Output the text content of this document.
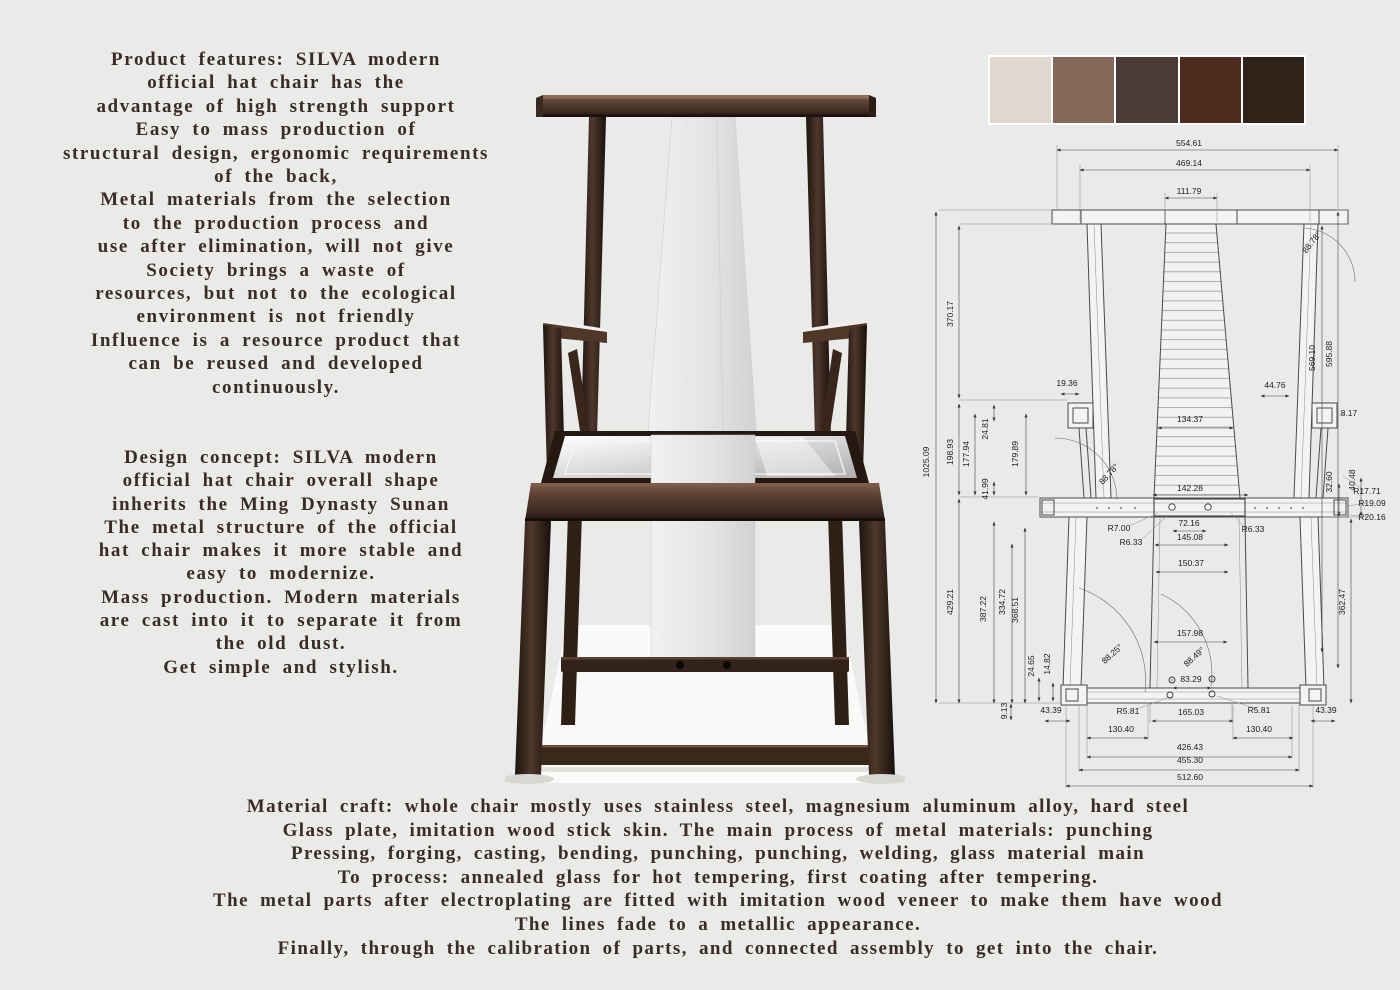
Product features: SILVA modern
official hat chair has the
advantage of high strength support
Easy to mass production of
structural design, ergonomic requirements
of the back,
Metal materials from the selection
to the production process and
use after elimination, will not give
Society brings a waste of
resources, but not to the ecological
environment is not friendly
Influence is a resource product that
can be reused and developed
continuously.
Design concept: SILVA modern
official hat chair overall shape
inherits the Ming Dynasty Sunan
The metal structure of the official
hat chair makes it more stable and
easy to modernize.
Mass production. Modern materials
are cast into it to separate it from
the old dust.
Get simple and stylish.
Material craft: whole chair mostly uses stainless steel, magnesium aluminum alloy, hard steel
Glass plate, imitation wood stick skin. The main process of metal materials: punching
Pressing, forging, casting, bending, punching, punching, welding, glass material main
To process: annealed glass for hot tempering, first coating after tempering.
The metal parts after electroplating are fitted with imitation wood veneer to make them have wood
The lines fade to a metallic appearance.
Finally, through the calibration of parts, and connected assembly to get into the chair.
554.61
469.14
111.79
88.78°
1025.09
370.17
198.93 177.94
24.81
179.89
41.99
19.36	44.76
8.17
569.10 595.88
134.37
88.78°
142.28
R7.00
R6.33
72.16
145.08
R6.33
R17.71
R19.09
R20.16
32.60 40.48
150.37
362.47
157.98
88.25°	88.49°
83.29
R5.81	165.03	R5.81
43.39	43.39
9.13
24.65 14.82
429.21	387.22 334.72 368.51
130.40	130.40
426.43
455.30
512.60
